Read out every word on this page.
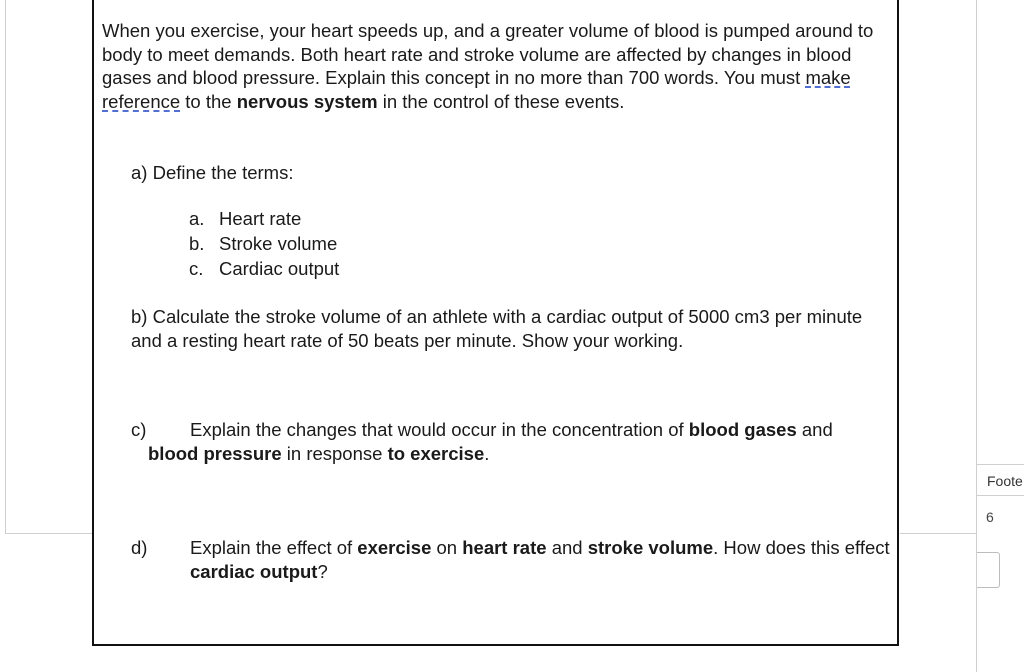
When you exercise, your heart speeds up, and a greater volume of blood is pumped around to body to meet demands. Both heart rate and stroke volume are affected by changes in blood gases and blood pressure. Explain this concept in no more than 700 words. You must make reference to the nervous system in the control of these events.

a) Define the terms:

a. Heart rate
b. Stroke volume
c. Cardiac output

b) Calculate the stroke volume of an athlete with a cardiac output of 5000 cm3 per minute and a resting heart rate of 50 beats per minute. Show your working.

c) Explain the changes that would occur in the concentration of blood gases and
blood pressure in response to exercise.
d)	Explain the effect of exercise on heart rate and stroke volume. How does this effect cardiac output?
Foote
6
